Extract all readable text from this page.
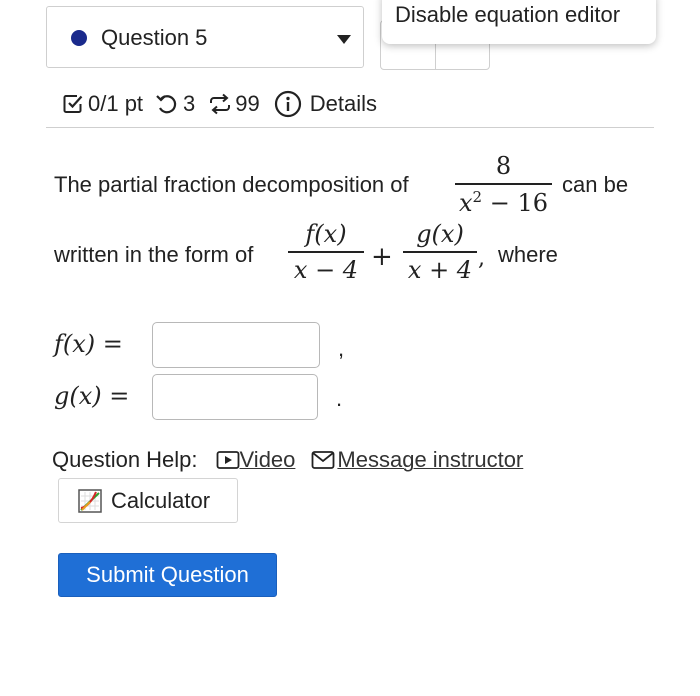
Question 5
Disable equation editor
0/1 pt 3 99 Details
The partial fraction decomposition of
8
$x^2 - 16$
can be
written in the form of
f(x)
x − 4 +
g(x)
x + 4 , where
f(x) =	,
g(x) =	.
Question Help: Video Message instructor
Calculator
Submit Question
